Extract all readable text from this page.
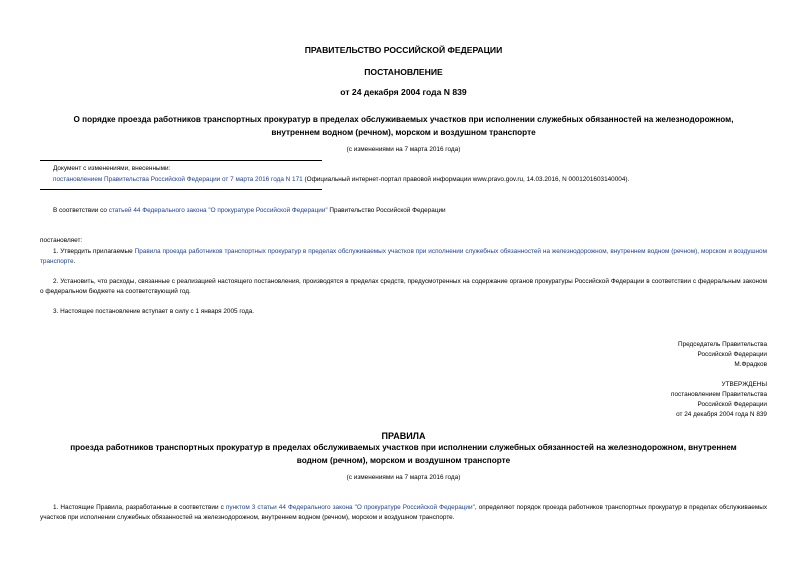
ПРАВИТЕЛЬСТВО РОССИЙСКОЙ ФЕДЕРАЦИИ
ПОСТАНОВЛЕНИЕ
от 24 декабря 2004 года N 839
О порядке проезда работников транспортных прокуратур в пределах обслуживаемых участков при исполнении служебных обязанностей на железнодорожном,
внутреннем водном (речном), морском и воздушном транспорте
(с изменениями на 7 марта 2016 года)
Документ с изменениями, внесенными:
постановлением Правительства Российской Федерации от 7 марта 2016 года N 171 (Официальный интернет-портал правовой информации www.pravo.gov.ru, 14.03.2016, N 0001201603140004).
В соответствии со статьей 44 Федерального закона "О прокуратуре Российской Федерации" Правительство Российской Федерации
постановляет:
1. Утвердить прилагаемые Правила проезда работников транспортных прокуратур в пределах обслуживаемых участков при исполнении служебных обязанностей на железнодорожном, внутреннем водном (речном), морском и воздушном транспорте.
2. Установить, что расходы, связанные с реализацией настоящего постановления, производятся в пределах средств, предусмотренных на содержание органов прокуратуры Российской Федерации в соответствии с федеральным законом о федеральном бюджете на соответствующий год.
3. Настоящее постановление вступает в силу с 1 января 2005 года.
Председатель Правительства
Российской Федерации
М.Фрадков
УТВЕРЖДЕНЫ
постановлением Правительства
Российской Федерации
от 24 декабря 2004 года N 839
ПРАВИЛА
проезда работников транспортных прокуратур в пределах обслуживаемых участков при исполнении служебных обязанностей на железнодорожном, внутреннем
водном (речном), морском и воздушном транспорте
(с изменениями на 7 марта 2016 года)
1. Настоящие Правила, разработанные в соответствии с пунктом 3 статьи 44 Федерального закона "О прокуратуре Российской Федерации", определяют порядок проезда работников транспортных прокуратур в пределах обслуживаемых участков при исполнении служебных обязанностей на железнодорожном, внутреннем водном (речном), морском и воздушном транспорте.
